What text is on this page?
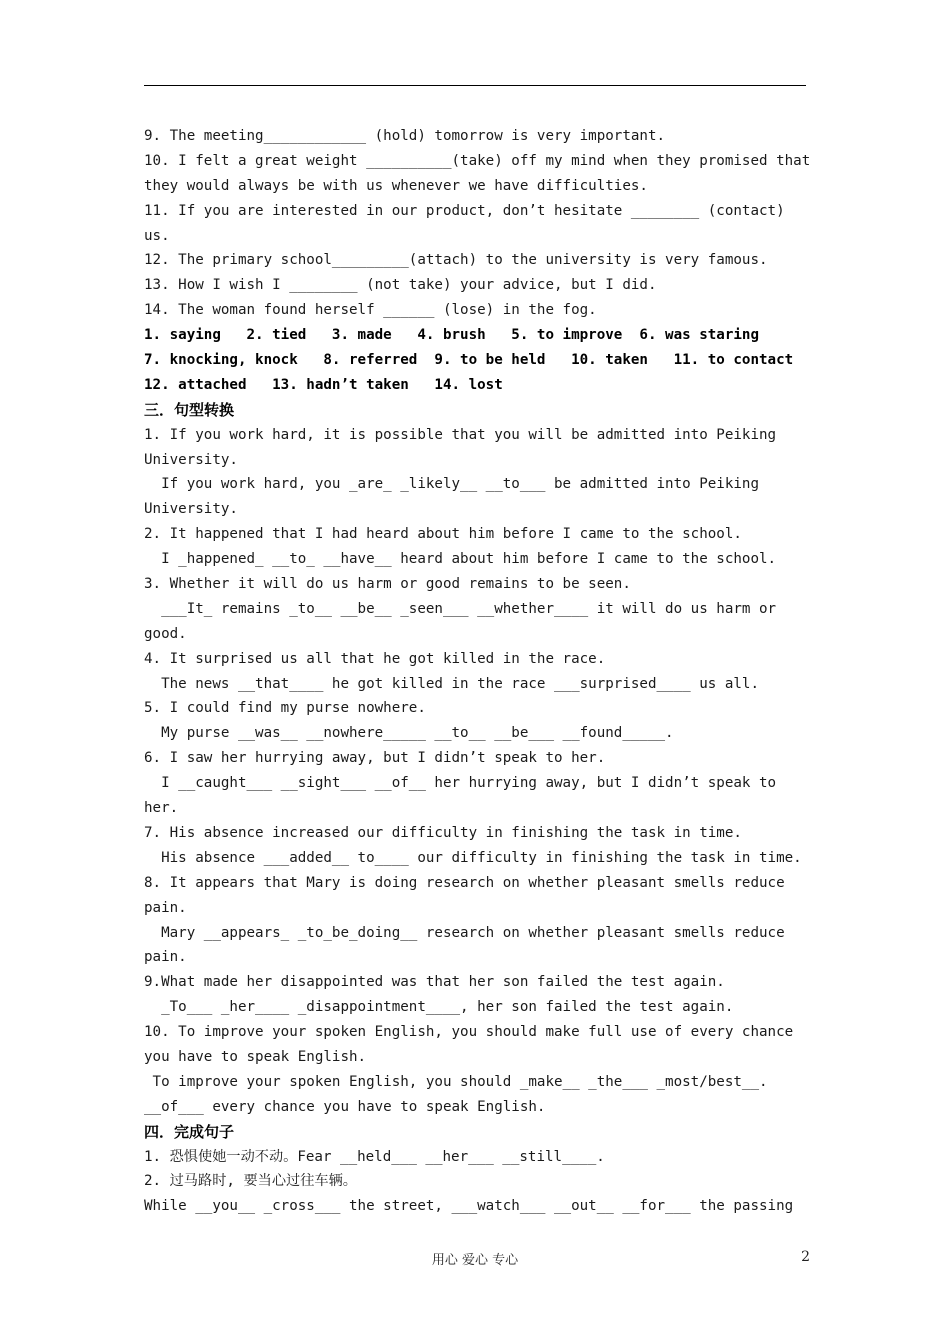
9. The meeting____________ (hold) tomorrow is very important.
10. I felt a great weight __________(take) off my mind when they promised that
they would always be with us whenever we have difficulties.
11. If you are interested in our product, don’t hesitate ________ (contact)
us.
12. The primary school_________(attach) to the university is very famous.
13. How I wish I ________ (not take) your advice, but I did.
14. The woman found herself ______ (lose) in the fog.
1. saying   2. tied   3. made   4. brush   5. to improve  6. was staring
7. knocking, knock   8. referred  9. to be held   10. taken   11. to contact
12. attached   13. hadn’t taken   14. lost
三．句型转换
1. If you work hard, it is possible that you will be admitted into Peiking
University.
If you work hard, you _are_ _likely__ __to___ be admitted into Peiking
University.
2. It happened that I had heard about him before I came to the school.
I _happened_ __to_ __have__ heard about him before I came to the school.
3. Whether it will do us harm or good remains to be seen.
___It_ remains _to__ __be__ _seen___ __whether____ it will do us harm or
good.
4. It surprised us all that he got killed in the race.
The news __that____ he got killed in the race ___surprised____ us all.
5. I could find my purse nowhere.
My purse __was__ __nowhere_____ __to__ __be___ __found_____.
6. I saw her hurrying away, but I didn’t speak to her.
I __caught___ __sight___ __of__ her hurrying away, but I didn’t speak to
her.
7. His absence increased our difficulty in finishing the task in time.
His absence ___added__ to____ our difficulty in finishing the task in time.
8. It appears that Mary is doing research on whether pleasant smells reduce
pain.
Mary __appears_ _to_be_doing__ research on whether pleasant smells reduce
pain.
9.What made her disappointed was that her son failed the test again.
_To___ _her____ _disappointment____, her son failed the test again.
10. To improve your spoken English, you should make full use of every chance
you have to speak English.
To improve your spoken English, you should _make__ _the___ _most/best__.
__of___ every chance you have to speak English.
四．完成句子
1. 恐惧使她一动不动。Fear __held___ __her___ __still____.
2. 过马路时, 要当心过往车辆。
While __you__ _cross___ the street, ___watch___ __out__ __for___ the passing
用心 爱心 专心	2
